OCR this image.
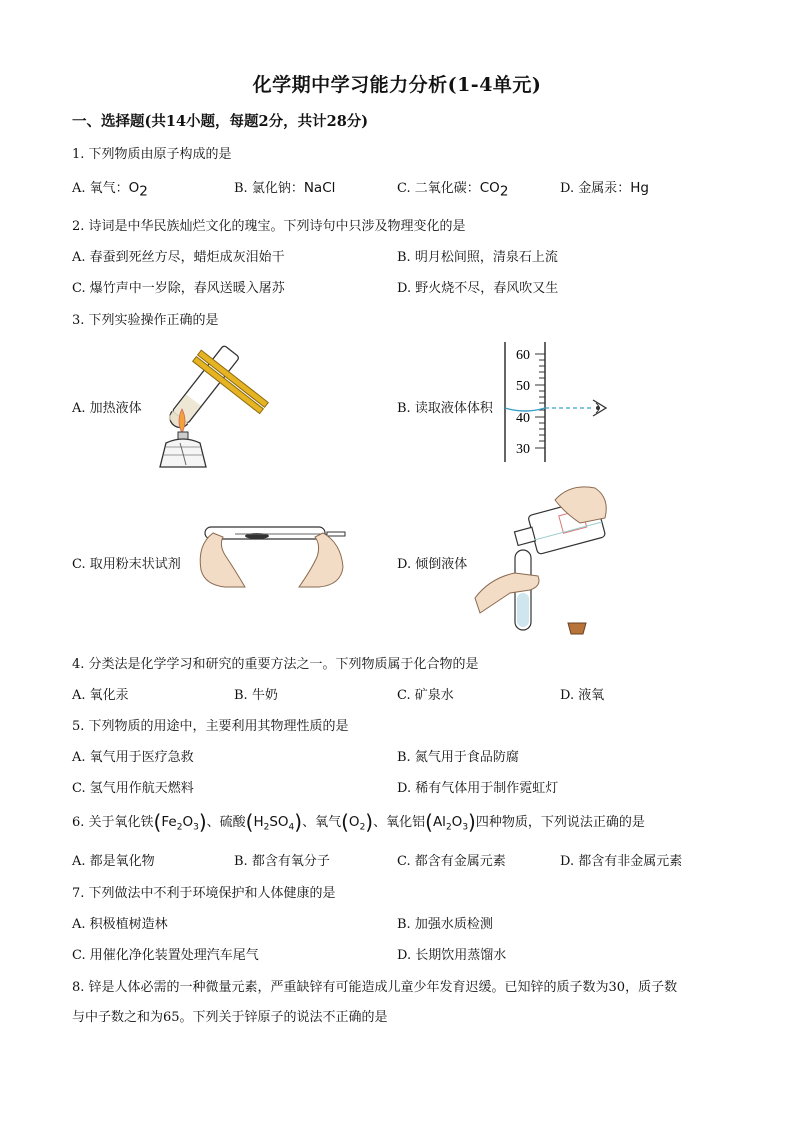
化学期中学习能力分析(1-4单元)
一、选择题(共14小题，每题2分，共计28分)
1. 下列物质由原子构成的是
A. 氧气：$O_2$	B. 氯化钠：NaCl	C. 二氧化碳：$CO_2$	D. 金属汞：Hg
2. 诗词是中华民族灿烂文化的瑰宝。下列诗句中只涉及物理变化的是
A. 春蚕到死丝方尽，蜡炬成灰泪始干	B. 明月松间照，清泉石上流
C. 爆竹声中一岁除，春风送暖入屠苏	D. 野火烧不尽，春风吹又生
3. 下列实验操作正确的是
A. 加热液体	B. 读取液体体积
C. 取用粉末状试剂	D. 倾倒液体
60
50
40
30
4. 分类法是化学学习和研究的重要方法之一。下列物质属于化合物的是
A. 氧化汞	B. 牛奶	C. 矿泉水	D. 液氧
5. 下列物质的用途中，主要利用其物理性质的是
A. 氧气用于医疗急救	B. 氮气用于食品防腐
C. 氢气用作航天燃料	D. 稀有气体用于制作霓虹灯
6. 关于氧化铁$(Fe_2O_3)$、硫酸$(H_2SO_4)$、氧气$(O_2)$、氧化铝$(Al_2O_3)$四种物质，下列说法正确的是
A. 都是氧化物	B. 都含有氧分子	C. 都含有金属元素	D. 都含有非金属元素
7. 下列做法中不利于环境保护和人体健康的是
A. 积极植树造林	B. 加强水质检测
C. 用催化净化装置处理汽车尾气	D. 长期饮用蒸馏水
8. 锌是人体必需的一种微量元素，严重缺锌有可能造成儿童少年发育迟缓。已知锌的质子数为30，质子数
与中子数之和为65。下列关于锌原子的说法不正确的是
